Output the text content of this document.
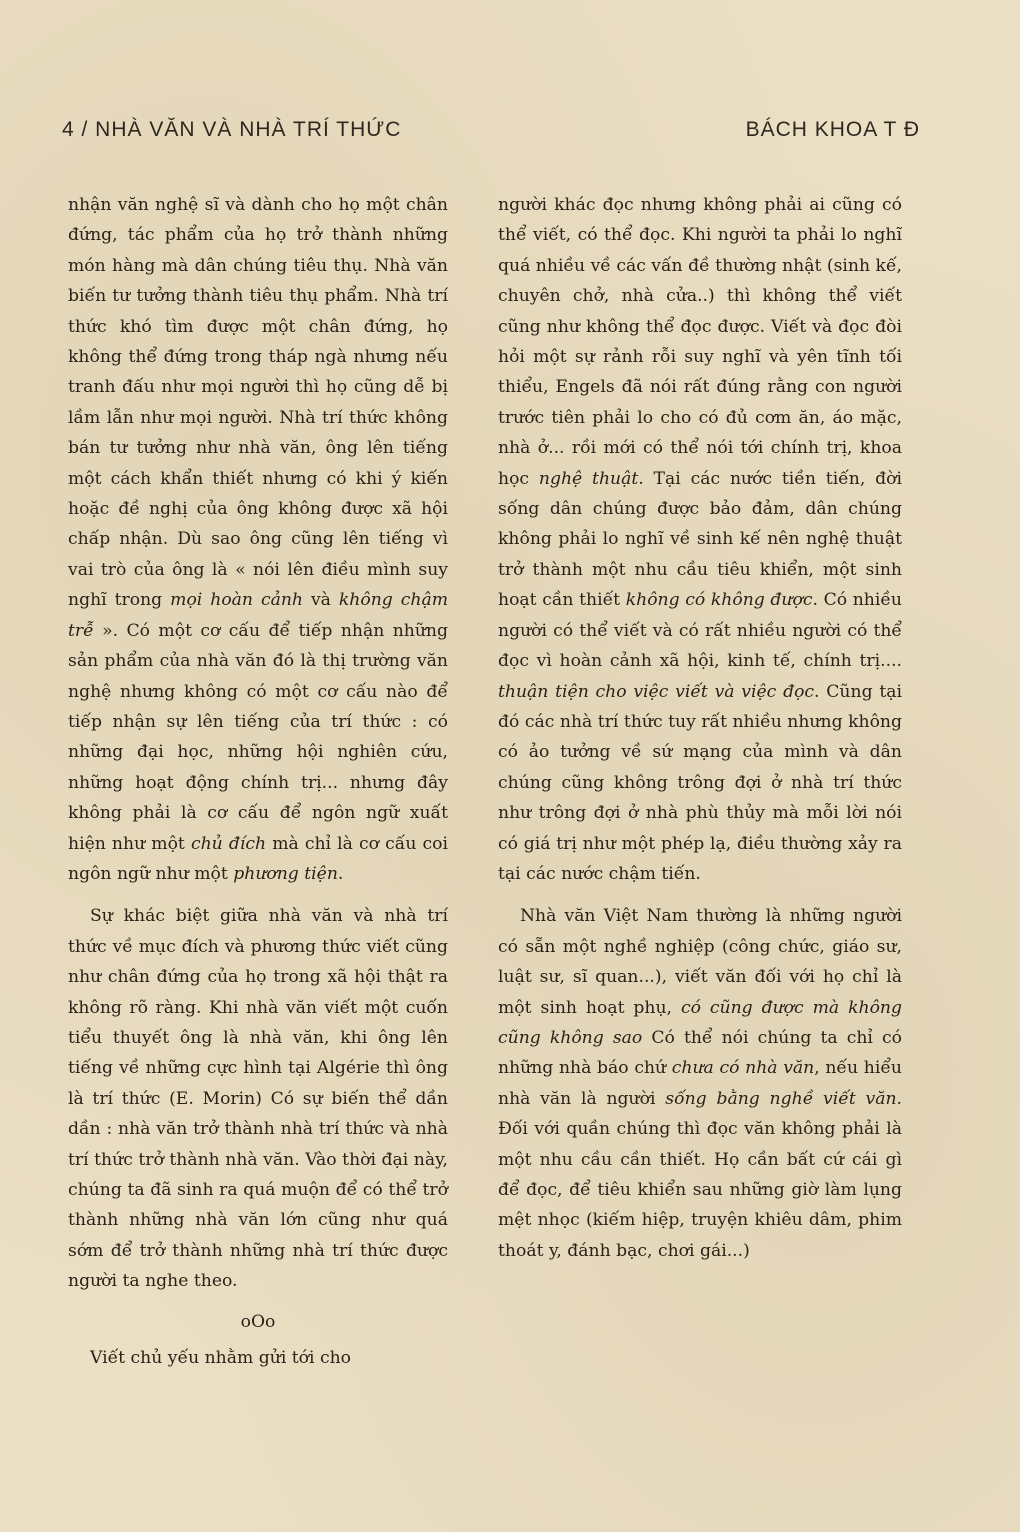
4 / NHÀ VĂN VÀ NHÀ TRÍ THỨC	BÁCH KHOA T Đ

nhận văn nghệ sĩ và dành cho họ một chân đứng, tác phẩm của họ trở thành những món hàng mà dân chúng tiêu thụ. Nhà văn biến tư tưởng thành tiêu thụ phẩm. Nhà trí thức khó tìm được một chân đứng, họ không thể đứng trong tháp ngà nhưng nếu tranh đấu như mọi người thì họ cũng dễ bị lầm lẫn như mọi người. Nhà trí thức không bán tư tưởng như nhà văn, ông lên tiếng một cách khẩn thiết nhưng có khi ý kiến hoặc đề nghị của ông không được xã hội chấp nhận. Dù sao ông cũng lên tiếng vì vai trò của ông là « nói lên điều mình suy nghĩ trong mọi hoàn cảnh và không chậm trễ ». Có một cơ cấu để tiếp nhận những sản phẩm của nhà văn đó là thị trường văn nghệ nhưng không có một cơ cấu nào để tiếp nhận sự lên tiếng của trí thức : có những đại học, những hội nghiên cứu, những hoạt động chính trị... nhưng đây không phải là cơ cấu để ngôn ngữ xuất hiện như một chủ đích mà chỉ là cơ cấu coi ngôn ngữ như một phương tiện.

Sự khác biệt giữa nhà văn và nhà trí thức về mục đích và phương thức viết cũng như chân đứng của họ trong xã hội thật ra không rõ ràng. Khi nhà văn viết một cuốn tiểu thuyết ông là nhà văn, khi ông lên tiếng về những cực hình tại Algérie thì ông là trí thức (E. Morin) Có sự biến thể dần dần : nhà văn trở thành nhà trí thức và nhà trí thức trở thành nhà văn. Vào thời đại này, chúng ta đã sinh ra quá muộn để có thể trở thành những nhà văn lớn cũng như quá sớm để trở thành những nhà trí thức được người ta nghe theo.

oOo

Viết chủ yếu nhằm gửi tới cho

người khác đọc nhưng không phải ai cũng có thể viết, có thể đọc. Khi người ta phải lo nghĩ quá nhiều về các vấn đề thường nhật (sinh kế, chuyên chở, nhà cửa..) thì không thể viết cũng như không thể đọc được. Viết và đọc đòi hỏi một sự rảnh rỗi suy nghĩ và yên tĩnh tối thiểu, Engels đã nói rất đúng rằng con người trước tiên phải lo cho có đủ cơm ăn, áo mặc, nhà ở... rồi mới có thể nói tới chính trị, khoa học nghệ thuật. Tại các nước tiền tiến, đời sống dân chúng được bảo đảm, dân chúng không phải lo nghĩ về sinh kế nên nghệ thuật trở thành một nhu cầu tiêu khiển, một sinh hoạt cần thiết không có không được. Có nhiều người có thể viết và có rất nhiều người có thể đọc vì hoàn cảnh xã hội, kinh tế, chính trị.... thuận tiện cho việc viết và việc đọc. Cũng tại đó các nhà trí thức tuy rất nhiều nhưng không có ảo tưởng về sứ mạng của mình và dân chúng cũng không trông đợi ở nhà trí thức như trông đợi ở nhà phù thủy mà mỗi lời nói có giá trị như một phép lạ, điều thường xảy ra tại các nước chậm tiến.

Nhà văn Việt Nam thường là những người có sẵn một nghề nghiệp (công chức, giáo sư, luật sư, sĩ quan...), viết văn đối với họ chỉ là một sinh hoạt phụ, có cũng được mà không cũng không sao Có thể nói chúng ta chỉ có những nhà báo chứ chưa có nhà văn, nếu hiểu nhà văn là người sống bằng nghề viết văn. Đối với quần chúng thì đọc văn không phải là một nhu cầu cần thiết. Họ cần bất cứ cái gì để đọc, để tiêu khiển sau những giờ làm lụng mệt nhọc (kiếm hiệp, truyện khiêu dâm, phim thoát y, đánh bạc, chơi gái...)
